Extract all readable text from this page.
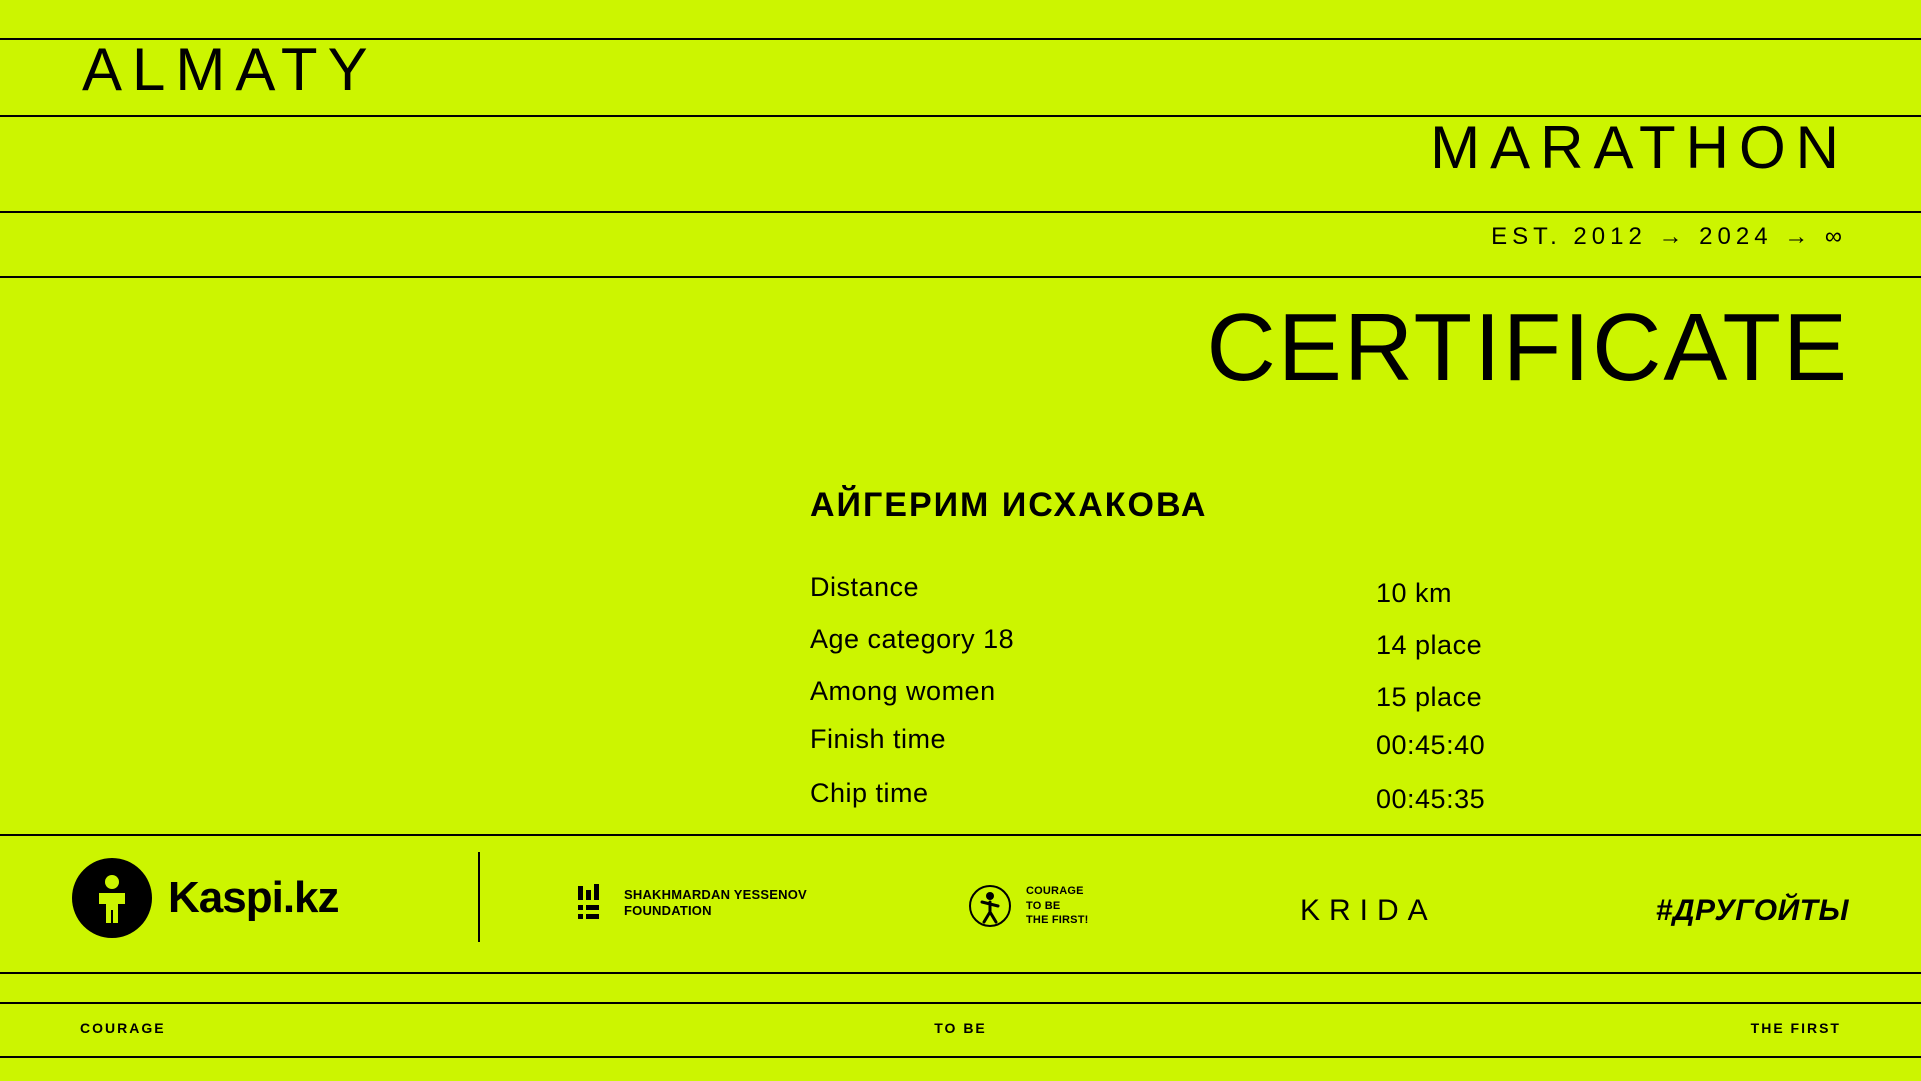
ALMATY
MARATHON
EST. 2012 → 2024 → ∞
CERTIFICATE
АЙГЕРИМ ИСХАКОВА
Distance	10 km
Age category 18	14 place
Among women	15 place
Finish time	00:45:40
Chip time	00:45:35
Kaspi.kz	SHAKHMARDAN YESSENOV
FOUNDATION
COURAGE
TO BE
THE FIRST!	KRIDA	#ДРУГОЙТЫ
COURAGE	TO BE	THE FIRST
